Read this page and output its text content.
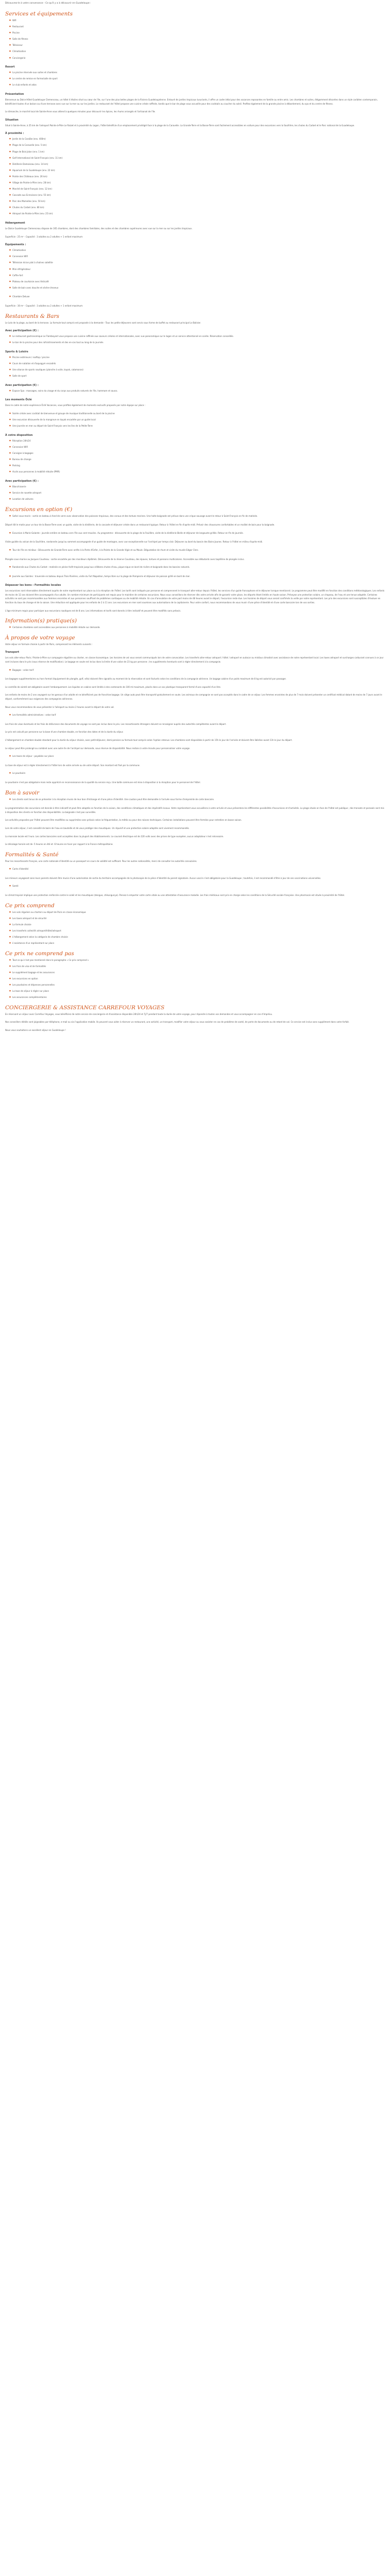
Découvrez-le à votre convenance - Ce qu'il y a à découvrir en Guadeloupe :

Services et équipements
● Wifi
● Restaurant
● Piscine
● Salle de fitness
● Téléviseur
● Climatisation
● Conciergerie
Resort
● La piscine réservée aux suites et chambres
● Le centre de remise en forme/salle de sport
● Le club enfants et ados
Présentation

Bienvenue au Dolce Hôtel Guadeloupe Clemenceau, un hôtel 4 étoiles situé au cœur de l'île, sur l'une des plus belles plages de la Riviera Guadeloupéenne. Entouré de jardins tropicaux luxuriants, il offre un cadre idéal pour des vacances reposantes en famille ou entre amis. Les chambres et suites, élégamment décorées dans un style caribéen contemporain, bénéficient toutes d'un balcon ou d'une terrasse avec vue sur la mer ou sur les jardins. Le restaurant de l'hôtel propose une cuisine créole raffinée, tandis que le bar de plage vous accueille pour des cocktails au coucher du soleil. Profitez également de la grande piscine à débordement, du spa et du centre de fitness.

Le dimanche, le marché local de Sainte-Anne vous attend à quelques minutes pour découvrir les épices, les rhums arrangés et l'artisanat de l'île.

Situation

Situé à Sainte-Anne, à 25 km de l'aéroport Pointe-à-Pitre Le Raizet et à proximité du Lagon, l'hôtel bénéficie d'un emplacement privilégié face à la plage de la Caravelle. La Grande-Terre et la Basse-Terre sont facilement accessibles en voiture pour des excursions vers la Soufrière, les chutes du Carbet et le Parc national de la Guadeloupe.

À proximité :
● Jardin de la Caraïbe (env. 400m)
● Plage de la Caravelle (env. 5 km)
● Plage de Bois Jolan (env. 1 km)
● Golf International de Saint-François (env. 11 km)
● Distillerie Damoiseau (env. 14 km)
● Aquarium de la Guadeloupe (env. 22 km)
● Pointe des Châteaux (env. 26 km)
● Village de Pointe-à-Pitre (env. 28 km)
● Marché de Saint-François (env. 12 km)
● Cascade aux Ecrevisses (env. 55 km)
● Parc des Mamelles (env. 50 km)
● Chutes du Carbet (env. 80 km)
● Aéroport de Pointe-à-Pitre (env. 25 km)
Hébergement

Le Dolce Guadeloupe Clemenceau dispose de 165 chambres, dont des chambres familiales, des suites et des chambres supérieures avec vue sur la mer ou sur les jardins tropicaux.

Superficie : 25 m² - Capacité : 3 adultes ou 2 adultes + 1 enfant maximum

Équipements :
● Climatisation
● Connexion Wifi
● Télévision écran plat à chaînes satellite
● Mini-réfrigérateur
● Coffre-fort
● Plateau de courtoisie avec thé/café
● Salle de bain avec douche et sèche-cheveux
● Chambre Deluxe

Superficie : 30 m² - Capacité : 3 adultes ou 2 adultes + 1 enfant maximum

Restaurants & Bars

Le Lolo de la plage, au bord de la terrasse. La formule tout compris est proposée à la demande - Tous les petits-déjeuners sont servis sous forme de buffet au restaurant principal Le Balisier.

Avec participation (€) :
● Le restaurant gastronomique Le Flamboyant vous propose une cuisine raffinée aux saveurs créoles et internationales, avec vue panoramique sur le lagon et un service attentionné en soirée. Réservation conseillée.
● Le bar de la piscine pour des rafraîchissements et des en-cas tout au long de la journée.
Sports & Loisirs
● Piscine extérieure / rooftop / piscine
● Cours de natation et d'aquagym encadrés
● Une séance de sports nautiques (planche à voile, kayak, catamaran)
● Salle de sport
Avec participation (€) :
● Espace Spa : massages, soins du visage et du corps aux produits naturels de l'île, hammam et sauna.
Les moments Ôclé

Dans le cadre de notre expérience Ôclé Vacances, vous profitez également de moments exclusifs proposés par notre équipe sur place :

● Soirée créole avec cocktail de bienvenue et groupe de musique traditionnelle au bord de la piscine
● Une excursion découverte de la mangrove en kayak encadrée par un guide local
● Une journée en mer au départ de Saint-François vers les îles de la Petite-Terre
À votre disposition
● Réception 24h/24
● Connexion Wifi
● Consigne à bagages
● Bureau de change
● Parking
● Accès aux personnes à mobilité réduite (PMR)
Avec participation (€) :
● Blanchisserie
● Service de navette aéroport
● Location de voitures
Excursions en option (€)
● Safari sous-marin : sortie en bateau à fond de verre avec observation des poissons tropicaux, des coraux et des tortues marines. Une halte baignade est prévue dans une crique sauvage avant le retour à Saint-François en fin de matinée.

Départ tôt le matin pour un tour de la Basse-Terre avec un guide, visite de la distillerie, de la cascade et déjeuner créole dans un restaurant typique. Retour à l'hôtel en fin d'après-midi. Prévoir des chaussures confortables et un maillot de bain pour la baignade.

● Excursion à Marie-Galante : journée entière en bateau vers l'île aux cent moulins. Au programme : découverte de la plage de la Feuillère, visite de la distillerie Bielle et déjeuner de langouste grillée. Retour en fin de journée.

Visite guidée du volcan de la Soufrière, randonnée jusqu'au sommet accompagnée d'un guide de montagne, avec vue exceptionnelle sur l'archipel par temps clair. Déjeuner au bord du bassin des Bains Jaunes. Retour à l'hôtel en milieu d'après-midi.

● Tour de l'île en minibus : Découverte de Grande-Terre avec arrêts à la Porte d'Enfer, à la Pointe de la Grande Vigie et au Moule. Dégustation de rhum et visite du musée Edgar Clerc.

Plongée sous-marine au Jacques Cousteau : sortie encadrée par des moniteurs diplômés. Découverte de la réserve Cousteau, des épaves, tortues et poissons multicolores. Accessible aux débutants avec baptême de plongée inclus.

● Randonnée aux Chutes du Carbet : matinée en pleine forêt tropicale jusqu'aux célèbres chutes d'eau, pique-nique en bord de rivière et baignade dans les bassins naturels.
● Journée aux Saintes : traversée en bateau depuis Trois-Rivières, visite du Fort Napoléon, temps libre sur la plage de Pompierre et déjeuner de poisson grillé en bord de mer.
Dépasser les bons : Formalités locales

Les excursions sont réservables directement auprès de notre représentant sur place ou à la réception de l'hôtel. Les tarifs sont indiqués par personne et comprennent le transport aller-retour depuis l'hôtel, les services d'un guide francophone et le déjeuner lorsque mentionné. Le programme peut être modifié en fonction des conditions météorologiques. Les enfants de moins de 12 ans doivent être accompagnés d'un adulte. Un nombre minimum de participants est requis pour le maintien de certaines excursions. Nous vous conseillons de réserver dès votre arrivée afin de garantir votre place, les départs étant limités en haute saison. Prévoyez une protection solaire, un chapeau, de l'eau et une tenue adaptée. Certaines activités ne sont pas recommandées aux femmes enceintes et aux personnes souffrant de problèmes cardiaques ou de mobilité réduite. En cas d'annulation de votre part moins de 48 heures avant le départ, l'excursion reste due. Les horaires de départ vous seront confirmés la veille par notre représentant. Les prix des excursions sont susceptibles d'évoluer en fonction du taux de change et de la saison. Une réduction est appliquée pour les enfants de 2 à 11 ans. Les excursions en mer sont soumises aux autorisations de la capitainerie. Pour votre confort, nous recommandons de vous munir d'une pièce d'identité et d'une carte bancaire lors de vos sorties.

L'âge minimum requis pour participer aux excursions nautiques est de 8 ans. Les informations et tarifs sont donnés à titre indicatif et peuvent être modifiés sans préavis.

Information(s) pratique(s)
● Certaines chambres sont accessibles aux personnes à mobilité réduite sur demande.
À propos de votre voyage

Votre séjour en formule choisie à partir de Paris, comprenant les éléments suivants :

Transport

Les vols aller-retour Paris / Pointe-à-Pitre sur compagnie régulière ou charter, en classe économique. Les horaires de vol vous seront communiqués lors de votre convocation. Les transferts aller-retour aéroport / hôtel / aéroport en autocar ou minibus climatisé avec assistance de notre représentant local. Les taxes aéroport et surcharges carburant connues à ce jour sont incluses dans le prix (sous réserve de modification). Le bagage en soute est inclus dans la limite d'une valise de 23 kg par personne ; les suppléments éventuels sont à régler directement à la compagnie.

● Bagages : selon tarif

Les bagages supplémentaires ou hors format (équipement de plongée, golf, vélo) doivent être signalés au moment de la réservation et sont facturés selon les conditions de la compagnie aérienne. Un bagage cabine d'un poids maximum de 8 kg est autorisé par passager.

Le contrôle de sûreté est obligatoire avant l'embarquement. Les liquides en cabine sont limités à des contenants de 100 ml maximum, placés dans un sac plastique transparent fermé d'une capacité d'un litre.

Les enfants de moins de 2 ans voyagent sur les genoux d'un adulte et ne bénéficient pas de franchise bagage. Un siège auto peut être transporté gratuitement en soute. Les animaux de compagnie ne sont pas acceptés dans le cadre de ce séjour. Les femmes enceintes de plus de 7 mois doivent présenter un certificat médical datant de moins de 7 jours avant le départ, conformément aux exigences des compagnies aériennes.

Nous vous recommandons de vous présenter à l'aéroport au moins 2 heures avant le départ de votre vol.

● Les formalités administratives : selon tarif

Les frais de visas éventuels et les frais de délivrance des documents de voyage ne sont pas inclus dans le prix. Les ressortissants étrangers doivent se renseigner auprès des autorités compétentes avant le départ.

Le prix est calculé par personne sur la base d'une chambre double, en fonction des dates et de la durée du séjour.

L'hébergement en chambre double standard pour la durée du séjour choisie, avec petit-déjeuner, demi-pension ou formule tout compris selon l'option retenue. Les chambres sont disponibles à partir de 15h le jour de l'arrivée et doivent être libérées avant 11h le jour du départ.

Le séjour peut être prolongé ou combiné avec une autre île de l'archipel sur demande, sous réserve de disponibilité. Nous restons à votre écoute pour personnaliser votre voyage.

● Les taxes de séjour : payables sur place

La taxe de séjour est à régler directement à l'hôtel lors de votre arrivée ou de votre départ. Son montant est fixé par la commune.

● Le pourboire

Le pourboire n'est pas obligatoire mais reste apprécié en reconnaissance de la qualité du service reçu. Une boîte commune est mise à disposition à la réception pour le personnel de l'hôtel.

Bon à savoir
● Les clients sont tenus de se présenter à la réception munis de leur bon d'échange et d'une pièce d'identité. Une caution peut être demandée à l'arrivée sous forme d'empreinte de carte bancaire.

La programmation des excursions est donnée à titre indicatif et peut être adaptée en fonction de la saison, des conditions climatiques et des impératifs locaux. Votre représentant vous accueillera à votre arrivée et vous présentera les différentes possibilités d'excursions et d'activités. La plage située en face de l'hôtel est publique ; des transats et parasols sont mis à disposition des clients en fonction des disponibilités. La baignade n'est pas surveillée.

Les activités proposées par l'hôtel peuvent être modifiées ou supprimées sans préavis selon la fréquentation, la météo ou pour des raisons techniques. Certaines installations peuvent être fermées pour entretien en basse saison.

Lors de votre séjour, il est conseillé de boire de l'eau en bouteille et de vous protéger des moustiques. Un répulsif et une protection solaire adaptée sont vivement recommandés.

La monnaie locale est l'euro. Les cartes bancaires sont acceptées dans la plupart des établissements. Le courant électrique est de 220 volts avec des prises de type européen, aucun adaptateur n'est nécessaire.

Le décalage horaire est de -5 heures en été et -6 heures en hiver par rapport à la France métropolitaine.

Formalités & Santé

Pour les ressortissants français, une carte nationale d'identité ou un passeport en cours de validité est suffisant. Pour les autres nationalités, merci de consulter les autorités consulaires.

● Carte d'identité

Les mineurs voyageant sans leurs parents doivent être munis d'une autorisation de sortie du territoire accompagnée de la photocopie de la pièce d'identité du parent signataire. Aucun vaccin n'est obligatoire pour la Guadeloupe ; toutefois, il est recommandé d'être à jour de ses vaccinations universelles.

● Santé

Le climat tropical implique une protection renforcée contre le soleil et les moustiques (dengue, chikungunya). Pensez à emporter votre carte vitale ou une attestation d'assurance maladie. Les frais médicaux sont pris en charge selon les conditions de la Sécurité sociale française. Une pharmacie est située à proximité de l'hôtel.

Ce prix comprend
● Les vols réguliers ou charters au départ de Paris en classe économique
● Les taxes aéroport et de sécurité
● La formule choisie
● Les transferts collectifs aéroport/hôtel/aéroport
● L'hébergement selon la catégorie de chambre choisie
● L'assistance d'un représentant sur place
Ce prix ne comprend pas
● Tout ce qui n'est pas mentionné dans le paragraphe « Ce prix comprend »
● Les frais de visa et de formalités
● Le supplément bagage et les assurances
● Les excursions en option
● Les pourboires et dépenses personnelles
● La taxe de séjour à régler sur place
● Les assurances complémentaires
CONCIERGERIE & ASSISTANCE CARREFOUR VOYAGES

En réservant un séjour avec Carrefour Voyages, vous bénéficiez de notre service de conciergerie et d'assistance disponible 24h/24 et 7j/7 pendant toute la durée de votre voyage, pour répondre à toutes vos demandes et vous accompagner en cas d'imprévu.

Nos conseillers dédiés sont joignables par téléphone, e-mail ou via l'application mobile. Ils peuvent vous aider à réserver un restaurant, une activité, un transport, modifier votre séjour ou vous assister en cas de problème de santé, de perte de documents ou de retard de vol. Ce service est inclus sans supplément dans votre forfait.

Nous vous souhaitons un excellent séjour en Guadeloupe !
